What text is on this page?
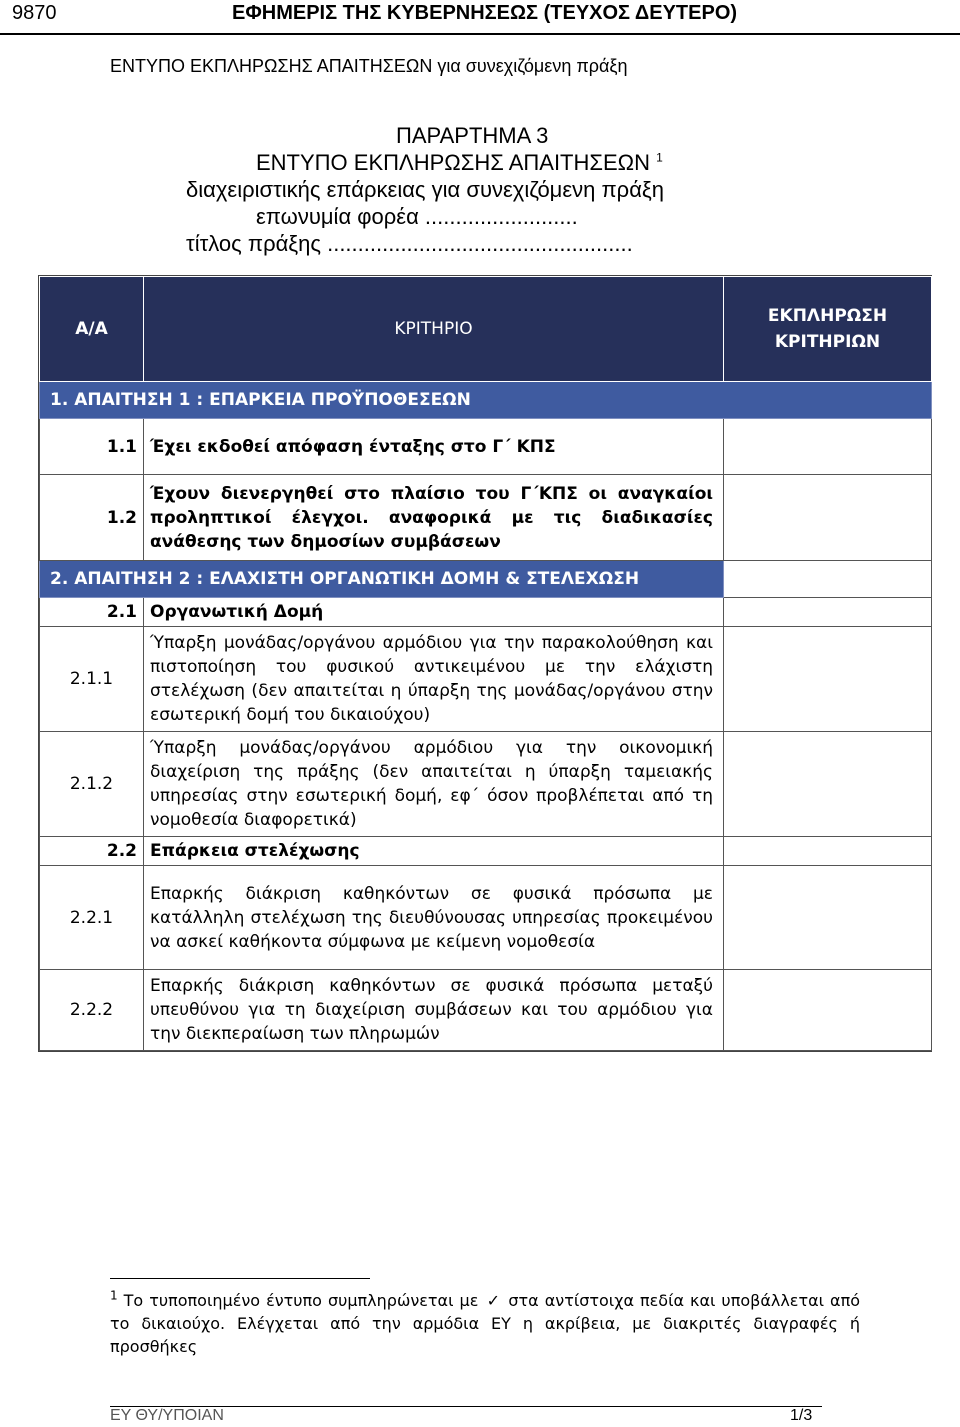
9870	ΕΦΗΜΕΡΙΣ ΤΗΣ ΚΥΒΕΡΝΗΣΕΩΣ (ΤΕΥΧΟΣ ΔΕΥΤΕΡΟ)
ΕΝΤΥΠΟ ΕΚΠΛΗΡΩΣΗΣ ΑΠΑΙΤΗΣΕΩΝ για συνεχιζόμενη πράξη
ΠΑΡΑΡΤΗΜΑ 3
ΕΝΤΥΠΟ ΕΚΠΛΗΡΩΣΗΣ ΑΠΑΙΤΗΣΕΩΝ $^1$
διαχειριστικής επάρκειας για συνεχιζόμενη πράξη
επωνυμία φορέα .........................
τίτλος πράξης ..................................................
Α/Α	ΚΡΙΤΗΡΙΟ	ΕΚΠΛΗΡΩΣΗ
ΚΡΙΤΗΡΙΩΝ

1. ΑΠΑΙΤΗΣΗ 1 : ΕΠΑΡΚΕΙΑ ΠΡΟΫΠΟΘΕΣΕΩΝ		
1.1	Έχει εκδοθεί απόφαση ένταξης στο Γ΄ ΚΠΣ	
1.2	Έχουν διενεργηθεί στο πλαίσιο του Γ΄ΚΠΣ οι αναγκαίοι προληπτικοί έλεγχοι. αναφορικά με τις διαδικασίες ανάθεσης των δημοσίων συμβάσεων	
2. ΑΠΑΙΤΗΣΗ 2 : ΕΛΑΧΙΣΤΗ ΟΡΓΑΝΩΤΙΚΗ ΔΟΜΗ & ΣΤΕΛΕΧΩΣΗ		
2.1	Οργανωτική Δομή	
2.1.1	Ύπαρξη μονάδας/οργάνου αρμόδιου για την παρακολούθηση και πιστοποίηση του φυσικού αντικειμένου με την ελάχιστη στελέχωση (δεν απαιτείται η ύπαρξη της μονάδας/οργάνου στην εσωτερική δομή του δικαιούχου)	
2.1.2	Ύπαρξη μονάδας/οργάνου αρμόδιου για την οικονομική διαχείριση της πράξης (δεν απαιτείται η ύπαρξη ταμειακής υπηρεσίας στην εσωτερική δομή, εφ΄ όσον προβλέπεται από τη νομοθεσία διαφορετικά)	
2.2	Επάρκεια στελέχωσης	
2.2.1	Επαρκής διάκριση καθηκόντων σε φυσικά πρόσωπα με κατάλληλη στελέχωση της διευθύνουσας υπηρεσίας προκειμένου να ασκεί καθήκοντα σύμφωνα με κείμενη νομοθεσία	
2.2.2	Επαρκής διάκριση καθηκόντων σε φυσικά πρόσωπα μεταξύ υπευθύνου για τη διαχείριση συμβάσεων και του αρμόδιου για την διεκπεραίωση των πληρωμών	
$^1$ Το τυποποιημένο έντυπο συμπληρώνεται με ✓ στα αντίστοιχα πεδία και υποβάλλεται από το δικαιούχο. Ελέγχεται από την αρμόδια ΕΥ η ακρίβεια, με διακριτές διαγραφές ή προσθήκες
ΕΥ ΘΥ/ΥΠΟΙΑΝ	1/3
